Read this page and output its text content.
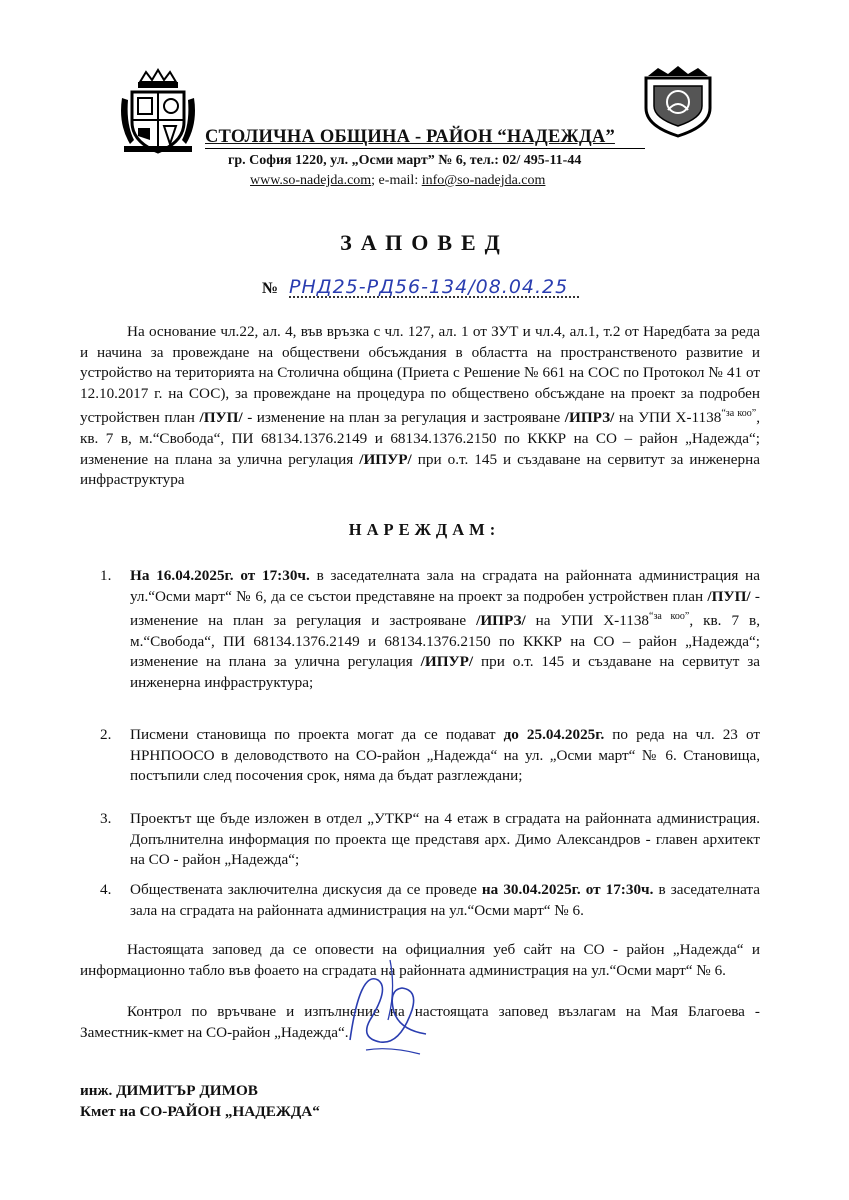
СТОЛИЧНА ОБЩИНА - РАЙОН “НАДЕЖДА”
гр. София 1220, ул. „Осми март” № 6, тел.: 02/ 495-11-44
www.so-nadejda.com; e-mail: info@so-nadejda.com
ЗАПОВЕД
№ РНД25-РД56-134/08.04.25
На основание чл.22, ал. 4, във връзка с чл. 127, ал. 1 от ЗУТ и чл.4, ал.1, т.2 от Наредбата за реда и начина за провеждане на обществени обсъждания в областта на пространственото развитие и устройство на територията на Столична община (Приета с Решение № 661 на СОС по Протокол № 41 от 12.10.2017 г. на СОС), за провеждане на процедура по обществено обсъждане на проект за подробен устройствен план /ПУП/ - изменение на план за регулация и застрояване /ИПРЗ/ на УПИ $Х-1138^{“за коо”}$, кв. 7 в, м.“Свобода“, ПИ 68134.1376.2149 и 68134.1376.2150 по КККР на СО – район „Надежда“; изменение на плана за улична регулация /ИПУР/ при о.т. 145 и създаване на сервитут за инженерна инфраструктура
НАРЕЖДАМ:
1. На 16.04.2025г. от 17:30ч. в заседателната зала на сградата на районната администрация на ул.“Осми март“ № 6, да се състои представяне на проект за подробен устройствен план /ПУП/ - изменение на план за регулация и застрояване /ИПРЗ/ на УПИ $Х-1138^{“за коо”}$, кв. 7 в, м.“Свобода“, ПИ 68134.1376.2149 и 68134.1376.2150 по КККР на СО – район „Надежда“; изменение на плана за улична регулация /ИПУР/ при о.т. 145 и създаване на сервитут за инженерна инфраструктура;
2. Писмени становища по проекта могат да се подават до 25.04.2025г. по реда на чл. 23 от НРНПООСО в деловодството на СО-район „Надежда“ на ул. „Осми март“ № 6. Становища, постъпили след посочения срок, няма да бъдат разглеждани;
3. Проектът ще бъде изложен в отдел „УТКР“ на 4 етаж в сградата на районната администрация. Допълнителна информация по проекта ще представя арх. Димо Александров - главен архитект на СО - район „Надежда“;
4. Обществената заключителна дискусия да се проведе на 30.04.2025г. от 17:30ч. в заседателната зала на сградата на районната администрация на ул.“Осми март“ № 6.
Настоящата заповед да се оповести на официалния уеб сайт на СО - район „Надежда“ и информационно табло във фоаето на сградата на районната администрация на ул.“Осми март“ № 6.
Контрол по връчване и изпълнение на настоящата заповед възлагам на Мая Благоева - Заместник-кмет на СО-район „Надежда“.
инж. ДИМИТЪР ДИМОВ
Кмет на СО-РАЙОН „НАДЕЖДА“
